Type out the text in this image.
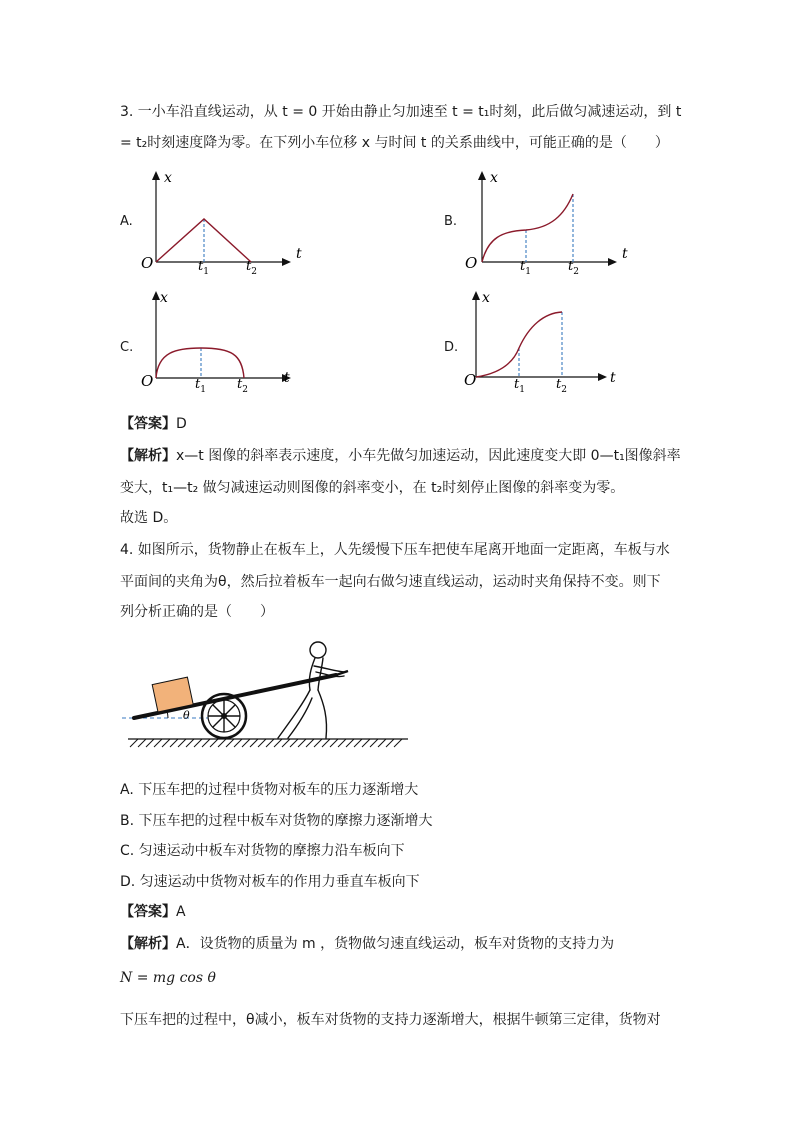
3. 一小车沿直线运动，从 t = 0 开始由静止匀加速至 t = t₁时刻，此后做匀减速运动，到 t
= t₂时刻速度降为零。在下列小车位移 x 与时间 t 的关系曲线中，可能正确的是（　　）
A.
x
t
O	$t_1$	$t_2$
B.
x
t
O	$t_1$	$t_2$
C.
x
t
O	$t_1$ $t_2$
D.
x
t
O	$t_1$ $t_2$
【答案】D
【解析】x—t 图像的斜率表示速度，小车先做匀加速运动，因此速度变大即 0—t₁图像斜率
变大，t₁—t₂ 做匀减速运动则图像的斜率变小，在 t₂时刻停止图像的斜率变为零。
故选 D。
4. 如图所示，货物静止在板车上，人先缓慢下压车把使车尾离开地面一定距离，车板与水
平面间的夹角为θ，然后拉着板车一起向右做匀速直线运动，运动时夹角保持不变。则下
列分析正确的是（　　）
θ
A. 下压车把的过程中货物对板车的压力逐渐增大
B. 下压车把的过程中板车对货物的摩擦力逐渐增大
C. 匀速运动中板车对货物的摩擦力沿车板向下
D. 匀速运动中货物对板车的作用力垂直车板向下
【答案】A
【解析】A．设货物的质量为 m ，货物做匀速直线运动，板车对货物的支持力为
N = mg cos θ
下压车把的过程中，θ减小，板车对货物的支持力逐渐增大，根据牛顿第三定律，货物对
